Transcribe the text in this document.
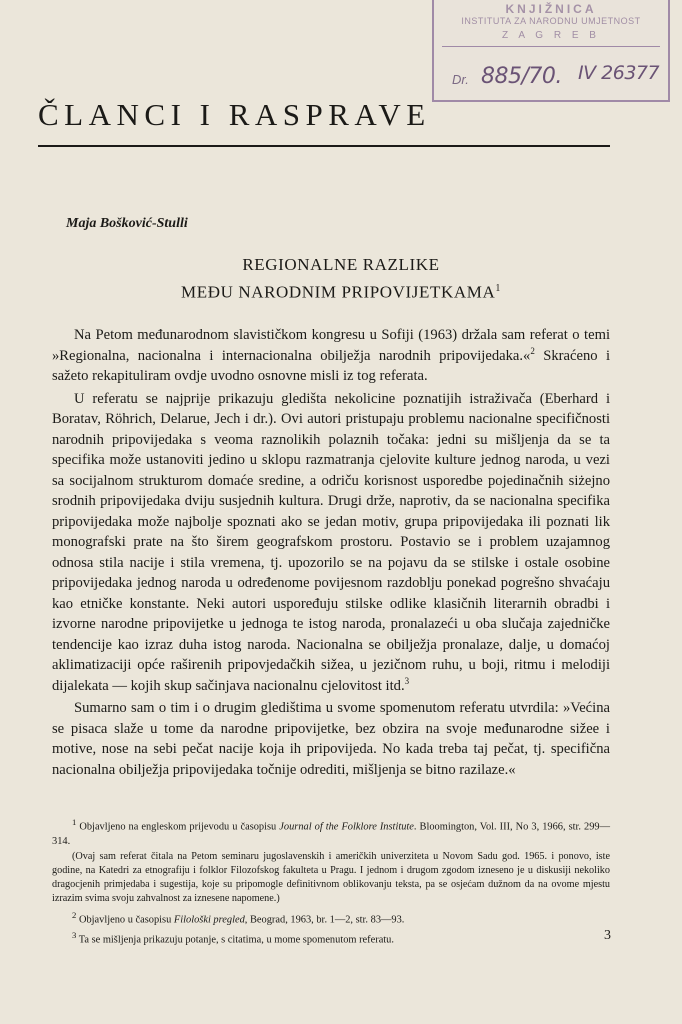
KNJIŽNICA
INSTITUTA ZA NARODNU UMJETNOST
Z A G R E B
Dr. 885/70. IV 26377
ČLANCI I RASPRAVE

Maja Bošković-Stulli

REGIONALNE RAZLIKE
MEĐU NARODNIM PRIPOVIJETKAMA$^1$

Na Petom međunarodnom slavističkom kongresu u Sofiji (1963) držala sam referat o temi »Regionalna, nacionalna i internacionalna obilježja narodnih pripovijedaka.«$^2$ Skraćeno i sažeto rekapituliram ovdje uvodno osnovne misli iz tog referata.

U referatu se najprije prikazuju gledišta nekolicine poznatijih istraživača (Eberhard i Boratav, Röhrich, Delarue, Jech i dr.). Ovi autori pristupaju problemu nacionalne specifičnosti narodnih pripovijedaka s veoma raznolikih polaznih točaka: jedni su mišljenja da se ta specifika može ustanoviti jedino u sklopu razmatranja cjelovite kulture jednog naroda, u vezi sa socijalnom strukturom domaće sredine, a odriču korisnost usporedbe pojedinačnih siżejno srodnih pripovijedaka dviju susjednih kultura. Drugi drže, naprotiv, da se nacionalna specifika pripovijedaka može najbolje spoznati ako se jedan motiv, grupa pripovijedaka ili poznati lik monografski prate na što širem geografskom prostoru. Postavio se i problem uzajamnog odnosa stila nacije i stila vremena, tj. upozorilo se na pojavu da se stilske i ostale osobine pripovijedaka jednog naroda u određenome povijesnom razdoblju ponekad pogrešno shvaćaju kao etničke konstante. Neki autori uspoređuju stilske odlike klasičnih literarnih obradbi i izvorne narodne pripovijetke u jednoga te istog naroda, pronalazeći u oba slučaja zajedničke tendencije kao izraz duha istog naroda. Nacionalna se obilježja pronalaze, dalje, u domaćoj aklimatizaciji opće raširenih pripovjedačkih sižea, u jezičnom ruhu, u boji, ritmu i melodiji dijalekata — kojih skup sačinjava nacionalnu cjelovitost itd.$^3$

Sumarno sam o tim i o drugim gledištima u svome spomenutom referatu utvrdila: »Većina se pisaca slaže u tome da narodne pripovijetke, bez obzira na svoje međunarodne sižee i motive, nose na sebi pečat nacije koja ih pripovijeda. No kada treba taj pečat, tj. specifična nacionalna obilježja pripovijedaka točnije odrediti, mišljenja se bitno razilaze.«

$^1$ Objavljeno na engleskom prijevodu u časopisu Journal of the Folklore Institute. Bloomington, Vol. III, No 3, 1966, str. 299—314.

(Ovaj sam referat čitala na Petom seminaru jugoslavenskih i američkih univerziteta u Novom Sadu god. 1965. i ponovo, iste godine, na Katedri za etnografiju i folklor Filozofskog fakulteta u Pragu. I jednom i drugom zgodom izneseno je u diskusiji nekoliko dragocjenih primjedaba i sugestija, koje su pripomogle definitivnom oblikovanju teksta, pa se osjećam dužnom da na ovome mjestu izrazim svima svoju zahvalnost za iznesene napomene.)

$^2$ Objavljeno u časopisu Filološki pregled, Beograd, 1963, br. 1—2, str. 83—93.

$^3$ Ta se mišljenja prikazuju potanje, s citatima, u mome spomenutom referatu.	3
